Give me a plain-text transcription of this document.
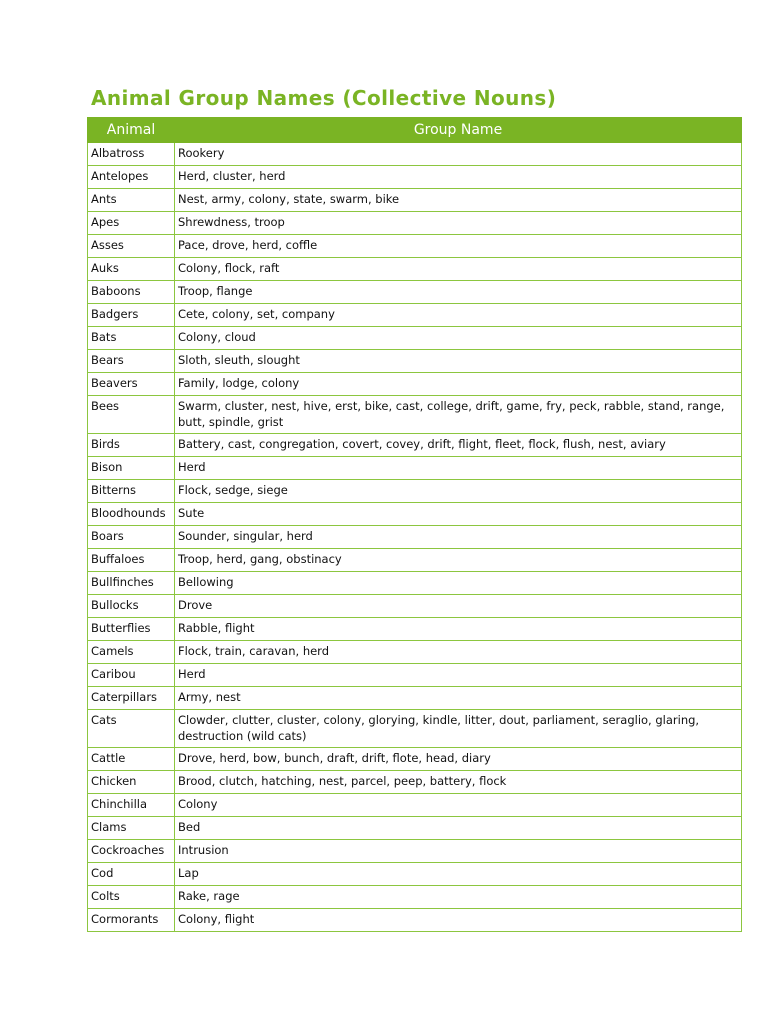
Animal Group Names (Collective Nouns)
Animal	Group Name
Albatross	Rookery
Antelopes	Herd, cluster, herd
Ants	Nest, army, colony, state, swarm, bike
Apes	Shrewdness, troop
Asses	Pace, drove, herd, coffle
Auks	Colony, flock, raft
Baboons	Troop, flange
Badgers	Cete, colony, set, company
Bats	Colony, cloud
Bears	Sloth, sleuth, slought
Beavers	Family, lodge, colony
Bees	Swarm, cluster, nest, hive, erst, bike, cast, college, drift, game, fry, peck, rabble, stand, range, butt, spindle, grist
Birds	Battery, cast, congregation, covert, covey, drift, flight, fleet, flock, flush, nest, aviary
Bison	Herd
Bitterns	Flock, sedge, siege
Bloodhounds	Sute
Boars	Sounder, singular, herd
Buffaloes	Troop, herd, gang, obstinacy
Bullfinches	Bellowing
Bullocks	Drove
Butterflies	Rabble, flight
Camels	Flock, train, caravan, herd
Caribou	Herd
Caterpillars	Army, nest
Cats	Clowder, clutter, cluster, colony, glorying, kindle, litter, dout, parliament, seraglio, glaring, destruction (wild cats)
Cattle	Drove, herd, bow, bunch, draft, drift, flote, head, diary
Chicken	Brood, clutch, hatching, nest, parcel, peep, battery, flock
Chinchilla	Colony
Clams	Bed
Cockroaches	Intrusion
Cod	Lap
Colts	Rake, rage
Cormorants	Colony, flight
